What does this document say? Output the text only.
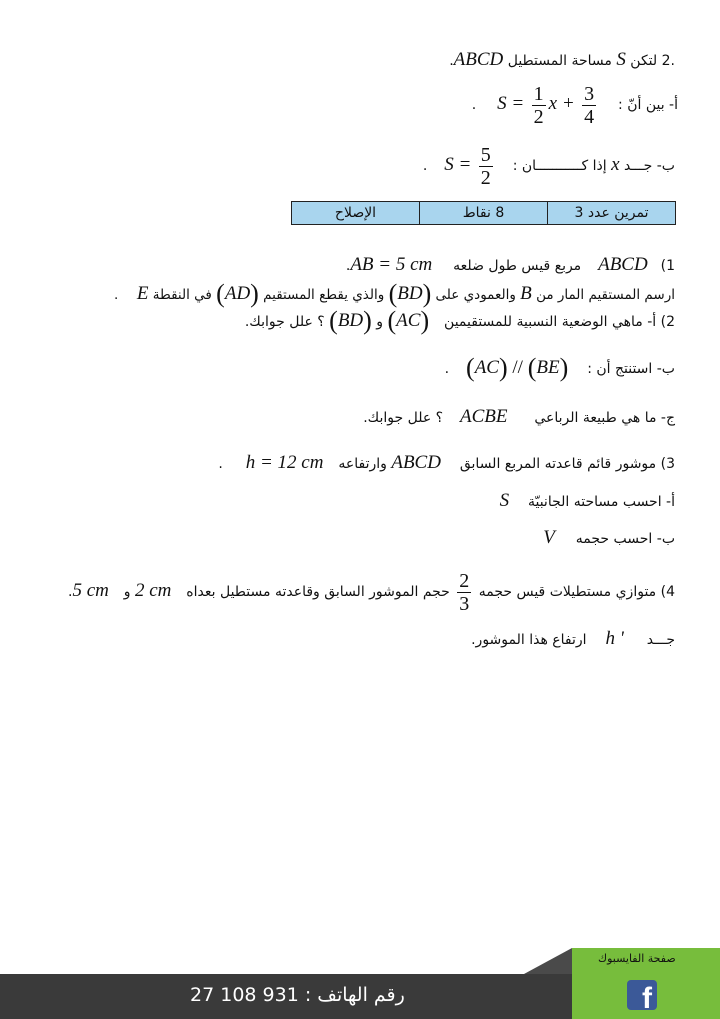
.2 لتكن S مساحة المستطيل ABCD.
أ- بين أنّ :  $S = \frac{1}{2}$ $x + \frac{3}{4}$
.
ب- جـــد x إذا كـــــــــــان :  $S = \frac{5}{2}$
.
تمرين عدد 3
8 نقاط
الإصلاح
1)  ABCD  مربع قيس طول ضلعه  AB = 5 cm.
ارسم المستقيم المار من B والعمودي على (BD) والذي يقطع المستقيم (AD) في النقطة E  .
2) أ- ماهي الوضعية النسبية للمستقيمين  (AC) و (BD) ؟ علل جوابك.
ب- استنتج أن :  (AC) // (BE)  .
ج- ما هي طبيعة الرباعي  ACBE  ؟ علل جوابك.
3) موشور قائم قاعدته المربع السابق  ABCD وارتفاعه  h = 12 cm  .
أ- احسب مساحته الجانبيّة  S
ب- احسب حجمه  V
4) متوازي مستطيلات قيس حجمه
$\frac{2}{3}$
حجم الموشور السابق وقاعدته مستطيل بعداه  2 cm و  5 cm.
جـــد  h '  ارتفاع هذا الموشور.
رقم الهاتف : 931 108 27
صفحة الفايسبوك
f
